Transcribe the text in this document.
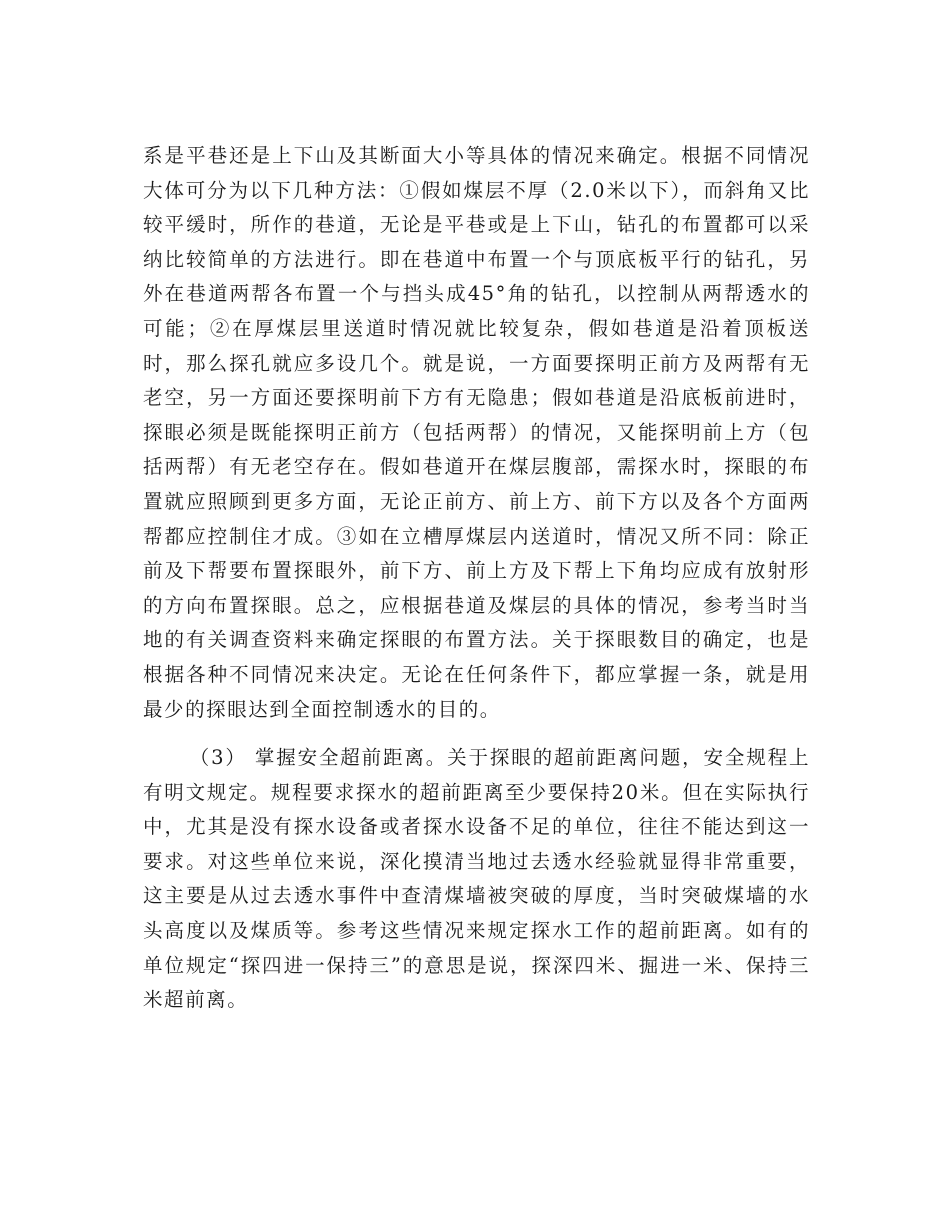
系是平巷还是上下山及其断面大小等具体的情况来确定。根据不同情况大体可分为以下几种方法：①假如煤层不厚（2.0米以下），而斜角又比较平缓时，所作的巷道，无论是平巷或是上下山，钻孔的布置都可以采纳比较简单的方法进行。即在巷道中布置一个与顶底板平行的钻孔，另外在巷道两帮各布置一个与挡头成45°角的钻孔，以控制从两帮透水的可能；②在厚煤层里送道时情况就比较复杂，假如巷道是沿着顶板送时，那么探孔就应多设几个。就是说，一方面要探明正前方及两帮有无老空，另一方面还要探明前下方有无隐患；假如巷道是沿底板前进时，探眼必须是既能探明正前方（包括两帮）的情况，又能探明前上方（包括两帮）有无老空存在。假如巷道开在煤层腹部，需探水时，探眼的布置就应照顾到更多方面，无论正前方、前上方、前下方以及各个方面两帮都应控制住才成。③如在立槽厚煤层内送道时，情况又所不同：除正前及下帮要布置探眼外，前下方、前上方及下帮上下角均应成有放射形的方向布置探眼。总之，应根据巷道及煤层的具体的情况，参考当时当地的有关调查资料来确定探眼的布置方法。关于探眼数目的确定，也是根据各种不同情况来决定。无论在任何条件下，都应掌握一条，就是用最少的探眼达到全面控制透水的目的。

（3） 掌握安全超前距离。关于探眼的超前距离问题，安全规程上有明文规定。规程要求探水的超前距离至少要保持20米。但在实际执行中，尤其是没有探水设备或者探水设备不足的单位，往往不能达到这一要求。对这些单位来说，深化摸清当地过去透水经验就显得非常重要，这主要是从过去透水事件中查清煤墙被突破的厚度，当时突破煤墙的水头高度以及煤质等。参考这些情况来规定探水工作的超前距离。如有的单位规定“探四进一保持三”的意思是说，探深四米、掘进一米、保持三米超前离。
